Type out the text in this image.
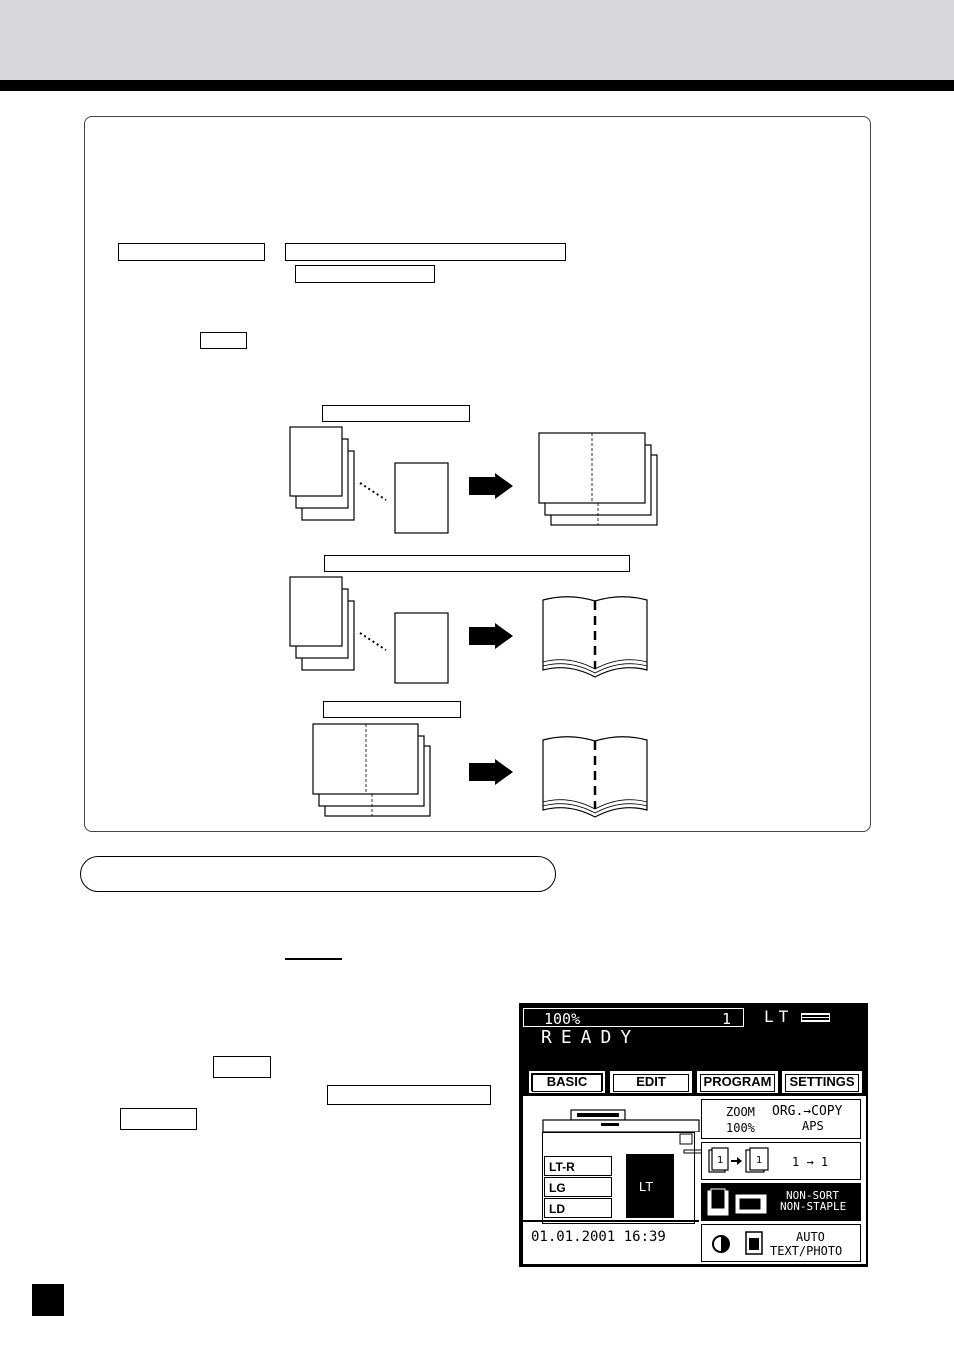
100%	1 LT
READY
BASIC	EDIT	PROGRAM	SETTINGS
LT-R
LG
LD
LT
01.01.2001 16:39
ZOOM
100%
ORG.→COPY
APS
1	1 1 → 1
NON-SORT
NON-STAPLE
AUTO
TEXT/PHOTO
